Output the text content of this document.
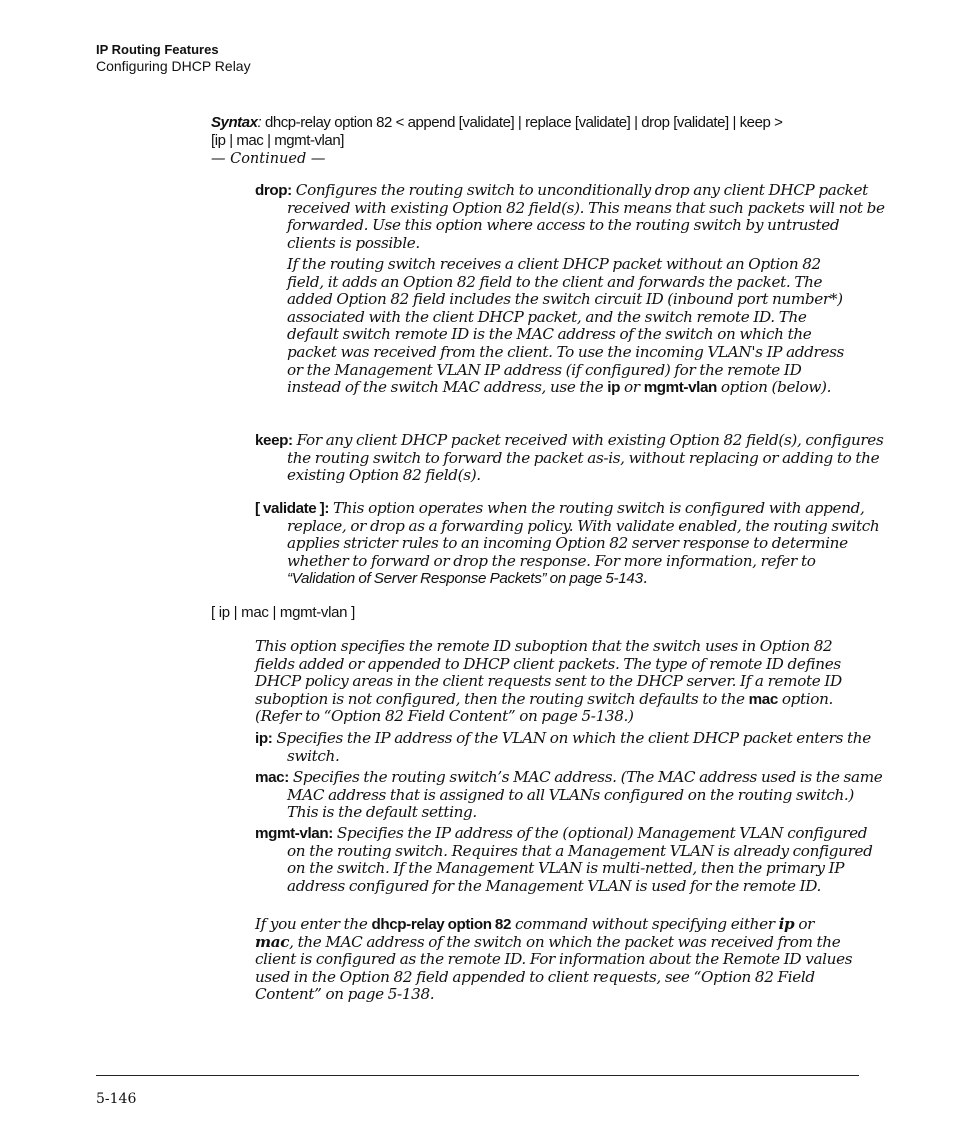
IP Routing Features
Configuring DHCP Relay
Syntax: dhcp-relay option 82 < append [validate] | replace [validate] | drop [validate] | keep >
[ip | mac | mgmt-vlan]
— Continued —
drop: Configures the routing switch to unconditionally drop any client DHCP packet received with existing Option 82 field(s). This means that such packets will not be forwarded. Use this option where access to the routing switch by untrusted clients is possible.
If the routing switch receives a client DHCP packet without an Option 82 field, it adds an Option 82 field to the client and forwards the packet. The added Option 82 field includes the switch circuit ID (inbound port number*) associated with the client DHCP packet, and the switch remote ID. The default switch remote ID is the MAC address of the switch on which the packet was received from the client. To use the incoming VLAN's IP address or the Management VLAN IP address (if configured) for the remote ID instead of the switch MAC address, use the ip or mgmt-vlan option (below).
keep: For any client DHCP packet received with existing Option 82 field(s), configures the routing switch to forward the packet as-is, without replacing or adding to the existing Option 82 field(s).
[ validate ]: This option operates when the routing switch is configured with append, replace, or drop as a forwarding policy. With validate enabled, the routing switch applies stricter rules to an incoming Option 82 server response to determine whether to forward or drop the response. For more information, refer to “Validation of Server Response Packets” on page 5-143.
[ ip | mac | mgmt-vlan ]
This option specifies the remote ID suboption that the switch uses in Option 82 fields added or appended to DHCP client packets. The type of remote ID defines DHCP policy areas in the client requests sent to the DHCP server. If a remote ID suboption is not configured, then the routing switch defaults to the mac option. (Refer to “Option 82 Field Content” on page 5-138.)
ip: Specifies the IP address of the VLAN on which the client DHCP packet enters the switch.
mac: Specifies the routing switch’s MAC address. (The MAC address used is the same MAC address that is assigned to all VLANs configured on the routing switch.) This is the default setting.
mgmt-vlan: Specifies the IP address of the (optional) Management VLAN configured on the routing switch. Requires that a Management VLAN is already configured on the switch. If the Management VLAN is multi-netted, then the primary IP address configured for the Management VLAN is used for the remote ID.
If you enter the dhcp-relay option 82 command without specifying either ip or mac, the MAC address of the switch on which the packet was received from the client is configured as the remote ID. For information about the Remote ID values used in the Option 82 field appended to client requests, see “Option 82 Field Content” on page 5-138.
5-146
